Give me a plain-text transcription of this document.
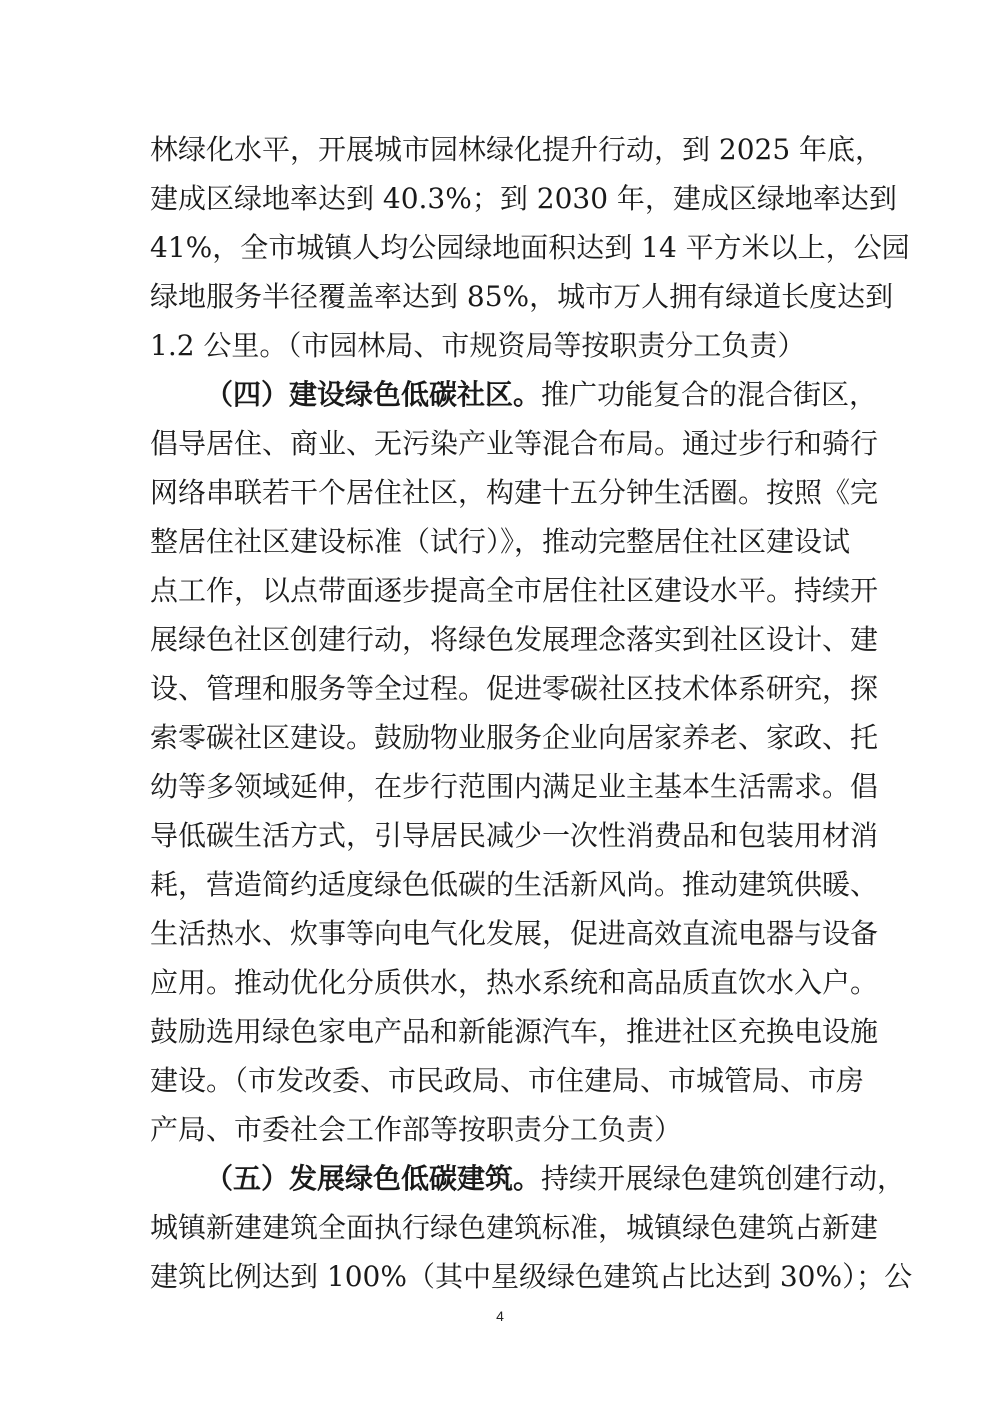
林绿化水平，开展城市园林绿化提升行动，到 2025 年底，
建成区绿地率达到 40.3%；到 2030 年，建成区绿地率达到
41%，全市城镇人均公园绿地面积达到 14 平方米以上，公园
绿地服务半径覆盖率达到 85%，城市万人拥有绿道长度达到
1.2 公里。（市园林局、市规资局等按职责分工负责）
（四）建设绿色低碳社区。推广功能复合的混合街区，
倡导居住、商业、无污染产业等混合布局。通过步行和骑行
网络串联若干个居住社区，构建十五分钟生活圈。按照《完
整居住社区建设标准（试行）》，推动完整居住社区建设试
点工作，以点带面逐步提高全市居住社区建设水平。持续开
展绿色社区创建行动，将绿色发展理念落实到社区设计、建
设、管理和服务等全过程。促进零碳社区技术体系研究，探
索零碳社区建设。鼓励物业服务企业向居家养老、家政、托
幼等多领域延伸，在步行范围内满足业主基本生活需求。倡
导低碳生活方式，引导居民减少一次性消费品和包装用材消
耗，营造简约适度绿色低碳的生活新风尚。推动建筑供暖、
生活热水、炊事等向电气化发展，促进高效直流电器与设备
应用。推动优化分质供水，热水系统和高品质直饮水入户。
鼓励选用绿色家电产品和新能源汽车，推进社区充换电设施
建设。（市发改委、市民政局、市住建局、市城管局、市房
产局、市委社会工作部等按职责分工负责）
（五）发展绿色低碳建筑。持续开展绿色建筑创建行动，
城镇新建建筑全面执行绿色建筑标准，城镇绿色建筑占新建
建筑比例达到 100%（其中星级绿色建筑占比达到 30%）；公
4
